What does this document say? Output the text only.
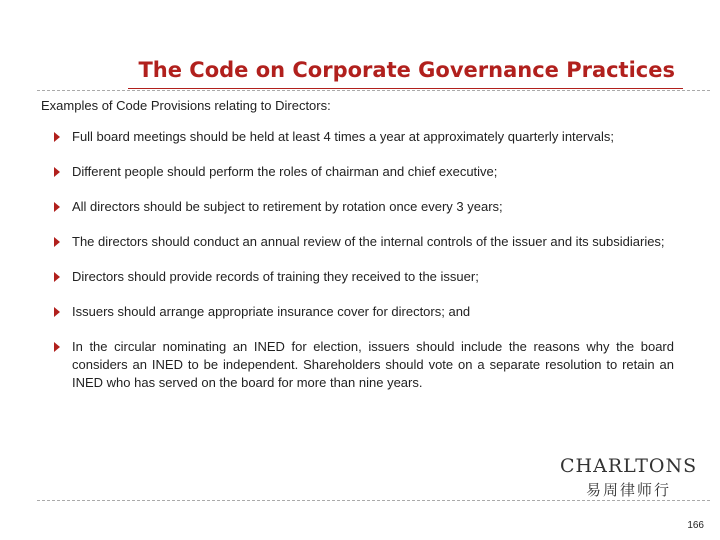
The Code on Corporate Governance Practices
Examples of Code Provisions relating to Directors:
Full board meetings should be held at least 4 times a year at approximately quarterly intervals;
Different people should perform the roles of chairman and chief executive;
All directors should be subject to retirement by rotation once every 3 years;
The directors should conduct an annual review of the internal controls of the issuer and its subsidiaries;
Directors should provide records of training they received to the issuer;
Issuers should arrange appropriate insurance cover for directors; and
In the circular nominating an INED for election, issuers should include the reasons why the board considers an INED to be independent. Shareholders should vote on a separate resolution to retain an INED who has served on the board for more than nine years.
CHARLTONS
易周律师行
166
